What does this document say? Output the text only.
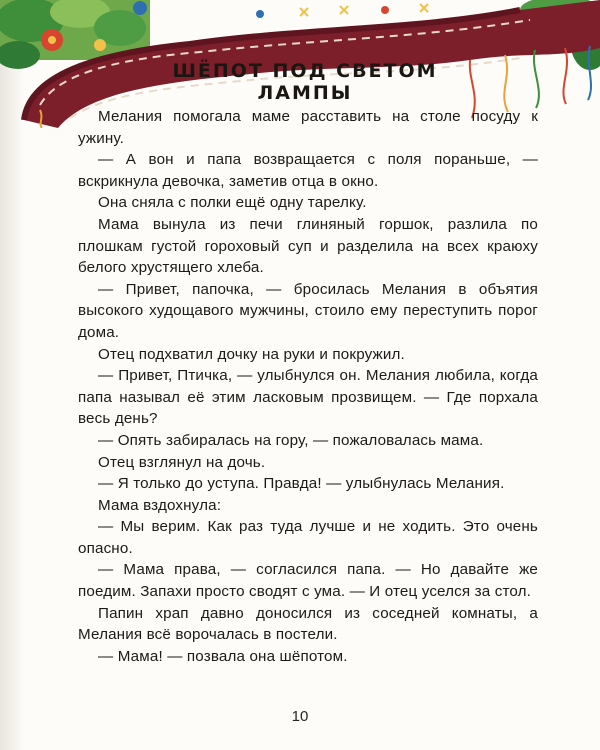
ШЁПОТ ПОД СВЕТОМ ЛАМПЫ

Мелания помогала маме расставить на столе посуду к ужину.

— А вон и папа возвращается с поля пораньше, — вскрикнула девочка, заметив отца в окно.

Она сняла с полки ещё одну тарелку.

Мама вынула из печи глиняный горшок, разлила по плошкам густой гороховый суп и разделила на всех краюху белого хрустящего хлеба.

— Привет, папочка, — бросилась Мелания в объятия высокого худощавого мужчины, стоило ему переступить порог дома.

Отец подхватил дочку на руки и покружил.

— Привет, Птичка, — улыбнулся он. Мелания любила, когда папа называл её этим ласковым прозвищем. — Где порхала весь день?

— Опять забиралась на гору, — пожаловалась мама.

Отец взглянул на дочь.

— Я только до уступа. Правда! — улыбнулась Мелания.

Мама вздохнула:

— Мы верим. Как раз туда лучше и не ходить. Это очень опасно.

— Мама права, — согласился папа. — Но давайте же поедим. Запахи просто сводят с ума. — И отец уселся за стол.

Папин храп давно доносился из соседней комнаты, а Мелания всё ворочалась в постели.

— Мама! — позвала она шёпотом.

10
